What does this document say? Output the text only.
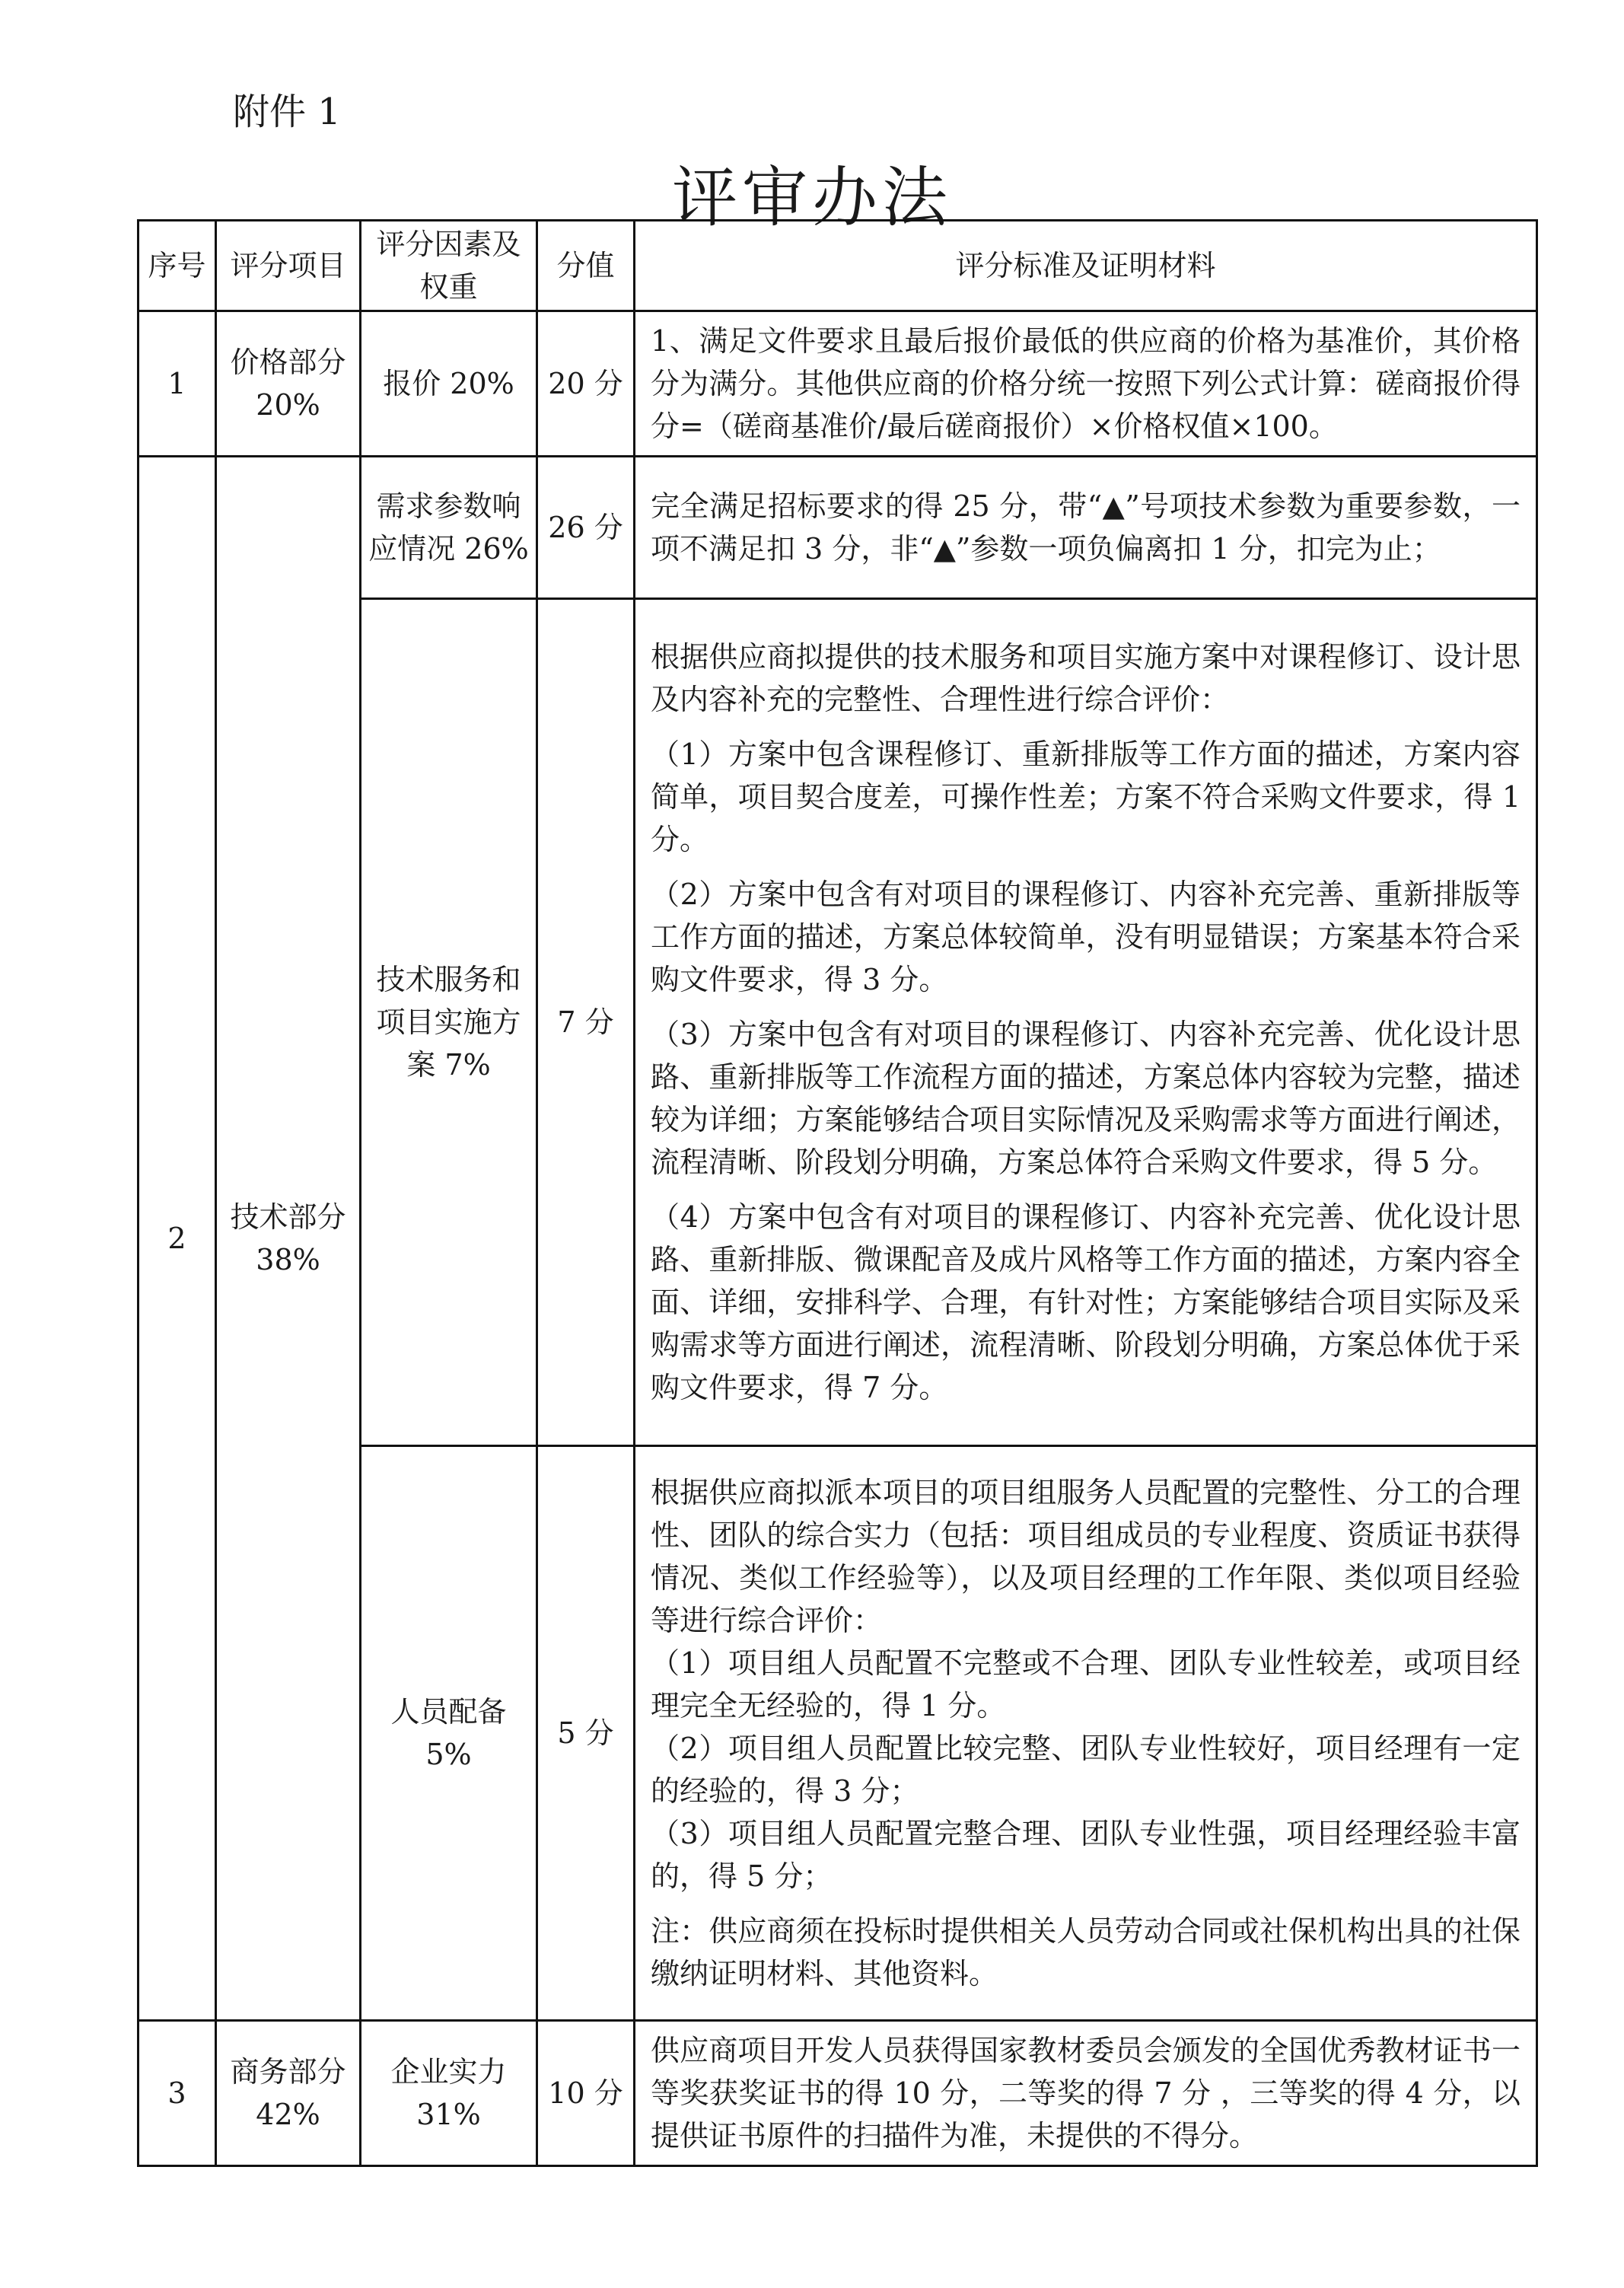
附件 1
评审办法
序号	评分项目	评分因素及权重	分值	评分标准及证明材料
1	价格部分 20%	报价 20%	20 分	1、满足文件要求且最后报价最低的供应商的价格为基准价，其价格分为满分。其他供应商的价格分统一按照下列公式计算：磋商报价得分=（磋商基准价/最后磋商报价）×价格权值×100。

2	技术部分 38%	需求参数响应情况 26%	26 分	完全满足招标要求的得 25 分，带“▲”号项技术参数为重要参数，一项不满足扣 3 分，非“▲”参数一项负偏离扣 1 分，扣完为止；

		技术服务和项目实施方案 7%	7 分	根据供应商拟提供的技术服务和项目实施方案中对课程修订、设计思及内容补充的完整性、合理性进行综合评价：
（1）方案中包含课程修订、重新排版等工作方面的描述，方案内容简单，项目契合度差，可操作性差；方案不符合采购文件要求，得 1 分。
（2）方案中包含有对项目的课程修订、内容补充完善、重新排版等工作方面的描述，方案总体较简单，没有明显错误；方案基本符合采购文件要求，得 3 分。
（3）方案中包含有对项目的课程修订、内容补充完善、优化设计思路、重新排版等工作流程方面的描述，方案总体内容较为完整，描述较为详细；方案能够结合项目实际情况及采购需求等方面进行阐述，流程清晰、阶段划分明确，方案总体符合采购文件要求，得 5 分。
（4）方案中包含有对项目的课程修订、内容补充完善、优化设计思路、重新排版、微课配音及成片风格等工作方面的描述，方案内容全面、详细，安排科学、合理，有针对性；方案能够结合项目实际及采购需求等方面进行阐述，流程清晰、阶段划分明确，方案总体优于采购文件要求，得 7 分。

		人员配备 5%	5 分	根据供应商拟派本项目的项目组服务人员配置的完整性、分工的合理性、团队的综合实力（包括：项目组成员的专业程度、资质证书获得情况、类似工作经验等），以及项目经理的工作年限、类似项目经验等进行综合评价：
（1）项目组人员配置不完整或不合理、团队专业性较差，或项目经理完全无经验的，得 1 分。
（2）项目组人员配置比较完整、团队专业性较好，项目经理有一定的经验的，得 3 分；
（3）项目组人员配置完整合理、团队专业性强，项目经理经验丰富的，得 5 分；
注：供应商须在投标时提供相关人员劳动合同或社保机构出具的社保缴纳证明材料、其他资料。

3	商务部分 42%	企业实力 31%	10 分	供应商项目开发人员获得国家教材委员会颁发的全国优秀教材证书一等奖获奖证书的得 10 分，二等奖的得 7 分 ，三等奖的得 4 分，以提供证书原件的扫描件为准，未提供的不得分。
